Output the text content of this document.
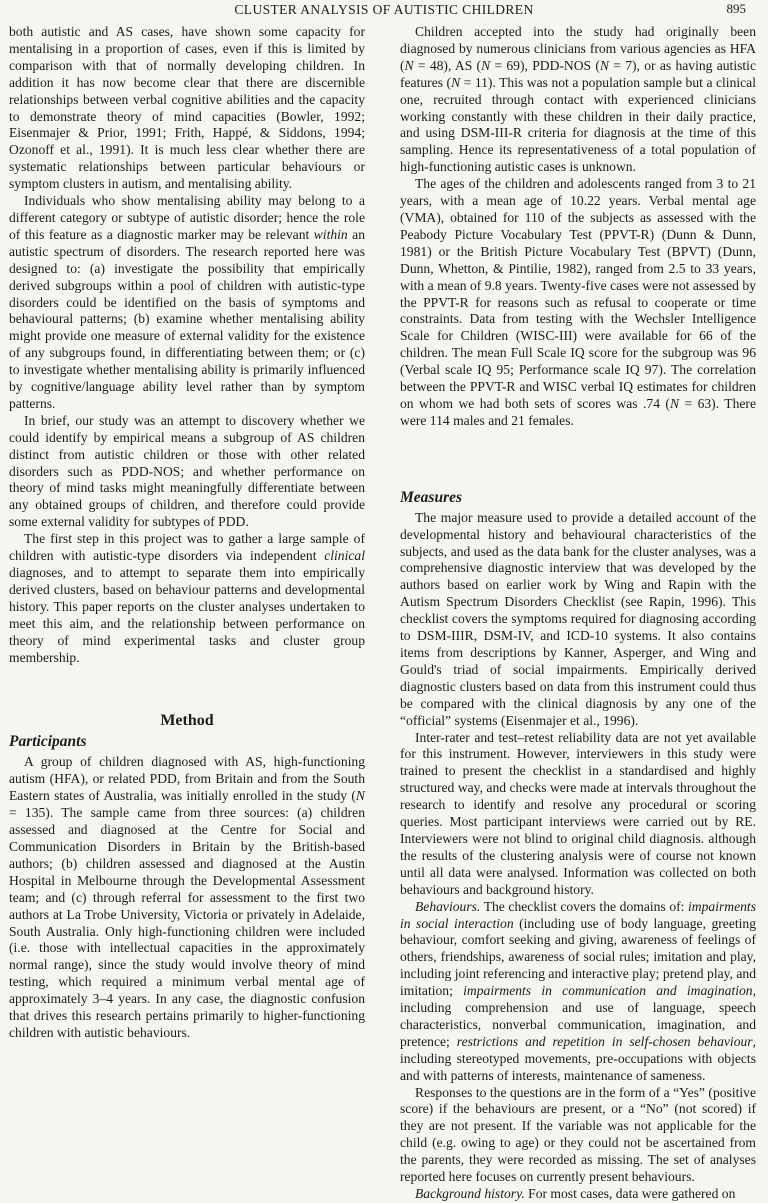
CLUSTER ANALYSIS OF AUTISTIC CHILDREN	895

both autistic and AS cases, have shown some capacity for mentalising in a proportion of cases, even if this is limited by comparison with that of normally developing children. In addition it has now become clear that there are discernible relationships between verbal cognitive abilities and the capacity to demonstrate theory of mind capacities (Bowler, 1992; Eisenmajer & Prior, 1991; Frith, Happé, & Siddons, 1994; Ozonoff et al., 1991). It is much less clear whether there are systematic relationships between particular behaviours or symptom clusters in autism, and mentalising ability.

Individuals who show mentalising ability may belong to a different category or subtype of autistic disorder; hence the role of this feature as a diagnostic marker may be relevant within an autistic spectrum of disorders. The research reported here was designed to: (a) investigate the possibility that empirically derived subgroups within a pool of children with autistic-type disorders could be identified on the basis of symptoms and behavioural patterns; (b) examine whether mentalising ability might provide one measure of external validity for the existence of any subgroups found, in differentiating between them; or (c) to investigate whether mentalising ability is primarily influenced by cognitive/language ability level rather than by symptom patterns.

In brief, our study was an attempt to discovery whether we could identify by empirical means a subgroup of AS children distinct from autistic children or those with other related disorders such as PDD-NOS; and whether performance on theory of mind tasks might meaningfully differentiate between any obtained groups of children, and therefore could provide some external validity for subtypes of PDD.

The first step in this project was to gather a large sample of children with autistic-type disorders via independent clinical diagnoses, and to attempt to separate them into empirically derived clusters, based on behaviour patterns and developmental history. This paper reports on the cluster analyses undertaken to meet this aim, and the relationship between performance on theory of mind experimental tasks and cluster group membership.

Method
Participants

A group of children diagnosed with AS, high-functioning autism (HFA), or related PDD, from Britain and from the South Eastern states of Australia, was initially enrolled in the study (N = 135). The sample came from three sources: (a) children assessed and diagnosed at the Centre for Social and Communication Disorders in Britain by the British-based authors; (b) children assessed and diagnosed at the Austin Hospital in Melbourne through the Developmental Assessment team; and (c) through referral for assessment to the first two authors at La Trobe University, Victoria or privately in Adelaide, South Australia. Only high-functioning children were included (i.e. those with intellectual capacities in the approximately normal range), since the study would involve theory of mind testing, which required a minimum verbal mental age of approximately 3–4 years. In any case, the diagnostic confusion that drives this research pertains primarily to higher-functioning children with autistic behaviours.

Children accepted into the study had originally been diagnosed by numerous clinicians from various agencies as HFA (N = 48), AS (N = 69), PDD-NOS (N = 7), or as having autistic features (N = 11). This was not a population sample but a clinical one, recruited through contact with experienced clinicians working constantly with these children in their daily practice, and using DSM-III-R criteria for diagnosis at the time of this sampling. Hence its representativeness of a total population of high-functioning autistic cases is unknown.

The ages of the children and adolescents ranged from 3 to 21 years, with a mean age of 10.22 years. Verbal mental age (VMA), obtained for 110 of the subjects as assessed with the Peabody Picture Vocabulary Test (PPVT-R) (Dunn & Dunn, 1981) or the British Picture Vocabulary Test (BPVT) (Dunn, Dunn, Whetton, & Pintilie, 1982), ranged from 2.5 to 33 years, with a mean of 9.8 years. Twenty-five cases were not assessed by the PPVT-R for reasons such as refusal to cooperate or time constraints. Data from testing with the Wechsler Intelligence Scale for Children (WISC-III) were available for 66 of the children. The mean Full Scale IQ score for the subgroup was 96 (Verbal scale IQ 95; Performance scale IQ 97). The correlation between the PPVT-R and WISC verbal IQ estimates for children on whom we had both sets of scores was .74 (N = 63). There were 114 males and 21 females.

Measures

The major measure used to provide a detailed account of the developmental history and behavioural characteristics of the subjects, and used as the data bank for the cluster analyses, was a comprehensive diagnostic interview that was developed by the authors based on earlier work by Wing and Rapin with the Autism Spectrum Disorders Checklist (see Rapin, 1996). This checklist covers the symptoms required for diagnosing according to DSM-IIIR, DSM-IV, and ICD-10 systems. It also contains items from descriptions by Kanner, Asperger, and Wing and Gould's triad of social impairments. Empirically derived diagnostic clusters based on data from this instrument could thus be compared with the clinical diagnosis by any one of the “official” systems (Eisenmajer et al., 1996).

Inter-rater and test–retest reliability data are not yet available for this instrument. However, interviewers in this study were trained to present the checklist in a standardised and highly structured way, and checks were made at intervals throughout the research to identify and resolve any procedural or scoring queries. Most participant interviews were carried out by RE. Interviewers were not blind to original child diagnosis. although the results of the clustering analysis were of course not known until all data were analysed. Information was collected on both behaviours and background history.

Behaviours. The checklist covers the domains of: impairments in social interaction (including use of body language, greeting behaviour, comfort seeking and giving, awareness of feelings of others, friendships, awareness of social rules; imitation and play, including joint referencing and interactive play; pretend play, and imitation; impairments in communication and imagination, including comprehension and use of language, speech characteristics, nonverbal communication, imagination, and pretence; restrictions and repetition in self-chosen behaviour, including stereotyped movements, pre-occupations with objects and with patterns of interests, maintenance of sameness.

Responses to the questions are in the form of a “Yes” (positive score) if the behaviours are present, or a “No” (not scored) if they are not present. If the variable was not applicable for the child (e.g. owing to age) or they could not be ascertained from the parents, they were recorded as missing. The set of analyses reported here focuses on currently present behaviours.

Background history. For most cases, data were gathered on
